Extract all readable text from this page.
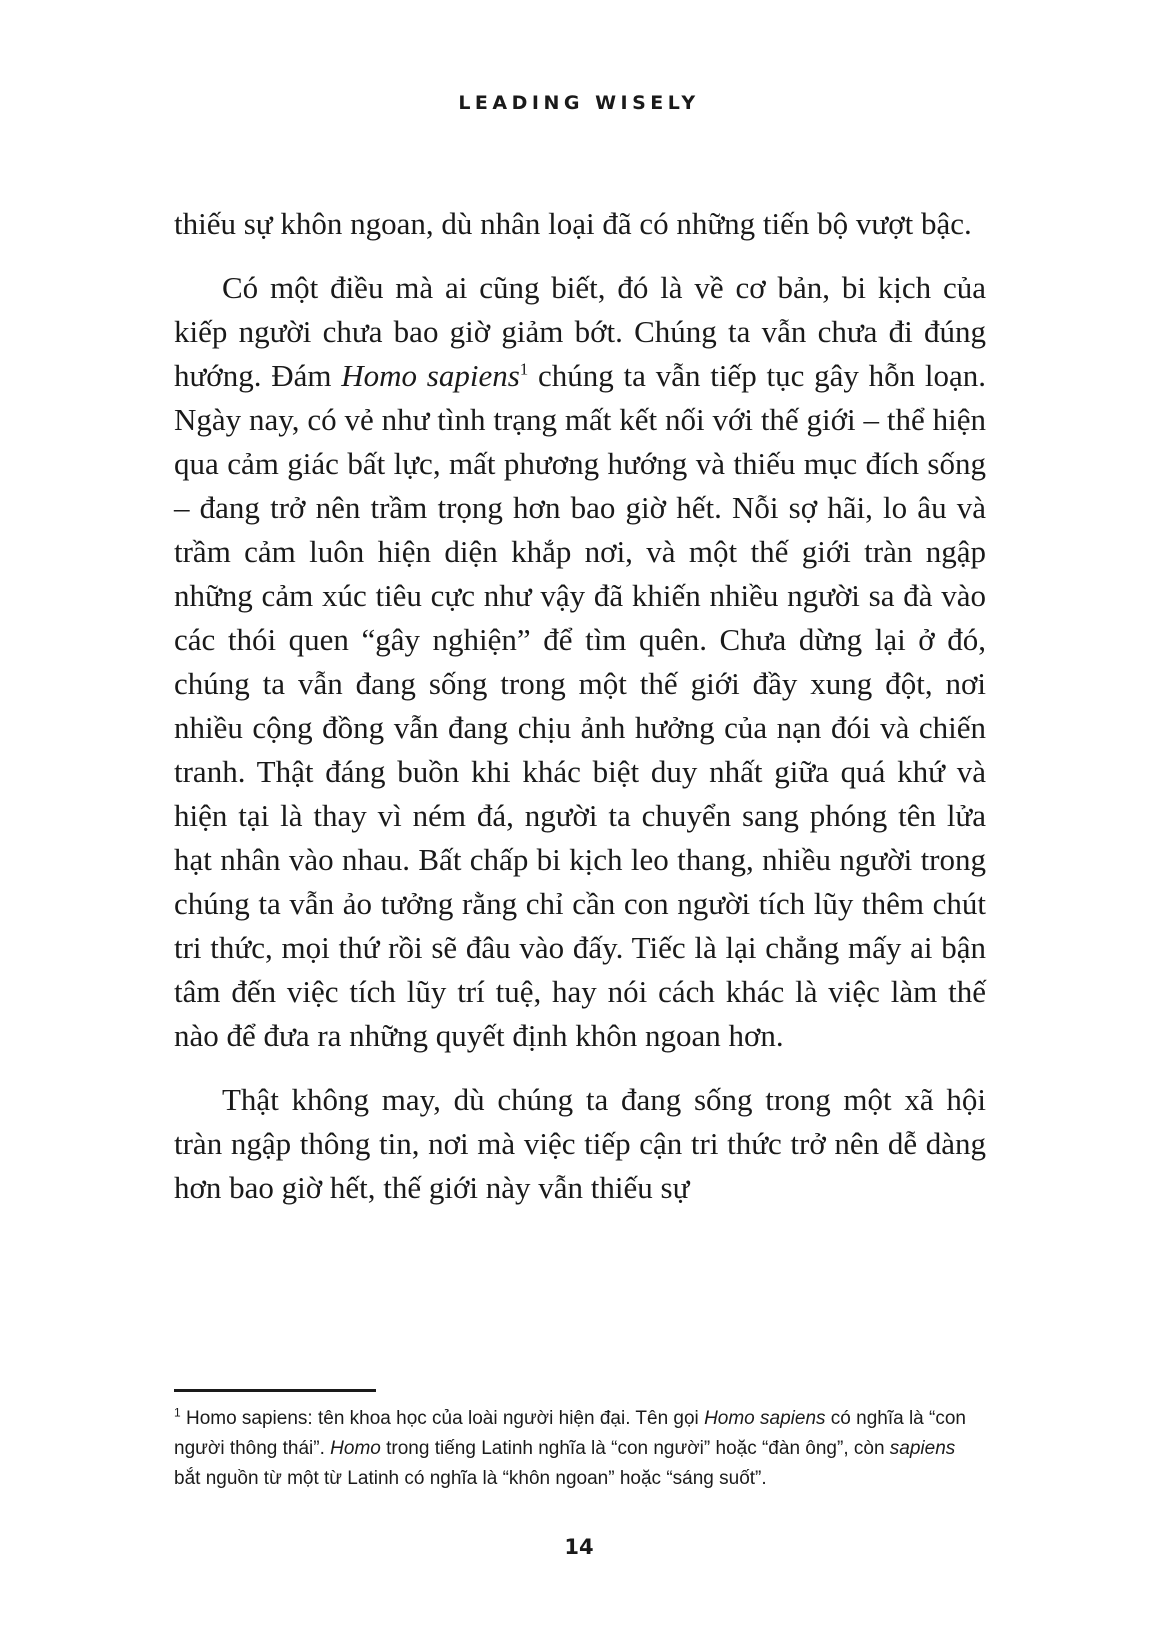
LEADING WISELY

thiếu sự khôn ngoan, dù nhân loại đã có những tiến bộ vượt bậc.

Có một điều mà ai cũng biết, đó là về cơ bản, bi kịch của kiếp người chưa bao giờ giảm bớt. Chúng ta vẫn chưa đi đúng hướng. Đám Homo sapiens$^1$ chúng ta vẫn tiếp tục gây hỗn loạn. Ngày nay, có vẻ như tình trạng mất kết nối với thế giới – thể hiện qua cảm giác bất lực, mất phương hướng và thiếu mục đích sống – đang trở nên trầm trọng hơn bao giờ hết. Nỗi sợ hãi, lo âu và trầm cảm luôn hiện diện khắp nơi, và một thế giới tràn ngập những cảm xúc tiêu cực như vậy đã khiến nhiều người sa đà vào các thói quen “gây nghiện” để tìm quên. Chưa dừng lại ở đó, chúng ta vẫn đang sống trong một thế giới đầy xung đột, nơi nhiều cộng đồng vẫn đang chịu ảnh hưởng của nạn đói và chiến tranh. Thật đáng buồn khi khác biệt duy nhất giữa quá khứ và hiện tại là thay vì ném đá, người ta chuyển sang phóng tên lửa hạt nhân vào nhau. Bất chấp bi kịch leo thang, nhiều người trong chúng ta vẫn ảo tưởng rằng chỉ cần con người tích lũy thêm chút tri thức, mọi thứ rồi sẽ đâu vào đấy. Tiếc là lại chẳng mấy ai bận tâm đến việc tích lũy trí tuệ, hay nói cách khác là việc làm thế nào để đưa ra những quyết định khôn ngoan hơn.

Thật không may, dù chúng ta đang sống trong một xã hội tràn ngập thông tin, nơi mà việc tiếp cận tri thức trở nên dễ dàng hơn bao giờ hết, thế giới này vẫn thiếu sự

$^1$ Homo sapiens: tên khoa học của loài người hiện đại. Tên gọi Homo sapiens có nghĩa là “con người thông thái”. Homo trong tiếng Latinh nghĩa là “con người” hoặc “đàn ông”, còn sapiens bắt nguồn từ một từ Latinh có nghĩa là “khôn ngoan” hoặc “sáng suốt”.
14
